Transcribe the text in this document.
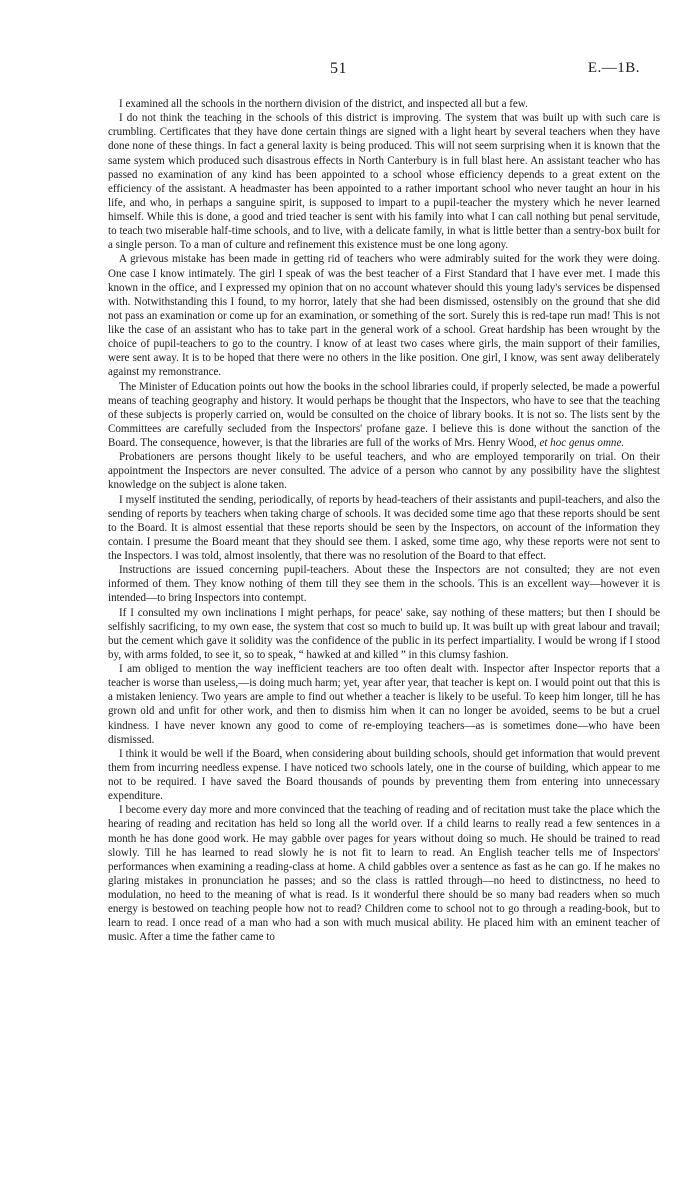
51	E.—1B.

I examined all the schools in the northern division of the district, and inspected all but a few.

I do not think the teaching in the schools of this district is improving. The system that was built up with such care is crumbling. Certificates that they have done certain things are signed with a light heart by several teachers when they have done none of these things. In fact a general laxity is being produced. This will not seem surprising when it is known that the same system which produced such disastrous effects in North Canterbury is in full blast here. An assistant teacher who has passed no examination of any kind has been appointed to a school whose efficiency depends to a great extent on the efficiency of the assistant. A headmaster has been appointed to a rather important school who never taught an hour in his life, and who, in perhaps a sanguine spirit, is supposed to impart to a pupil-teacher the mystery which he never learned himself. While this is done, a good and tried teacher is sent with his family into what I can call nothing but penal servitude, to teach two miserable half-time schools, and to live, with a delicate family, in what is little better than a sentry-box built for a single person. To a man of culture and refinement this existence must be one long agony.

A grievous mistake has been made in getting rid of teachers who were admirably suited for the work they were doing. One case I know intimately. The girl I speak of was the best teacher of a First Standard that I have ever met. I made this known in the office, and I expressed my opinion that on no account whatever should this young lady's services be dispensed with. Notwithstanding this I found, to my horror, lately that she had been dismissed, ostensibly on the ground that she did not pass an examination or come up for an examination, or something of the sort. Surely this is red-tape run mad! This is not like the case of an assistant who has to take part in the general work of a school. Great hardship has been wrought by the choice of pupil-teachers to go to the country. I know of at least two cases where girls, the main support of their families, were sent away. It is to be hoped that there were no others in the like position. One girl, I know, was sent away deliberately against my remonstrance.

The Minister of Education points out how the books in the school libraries could, if properly selected, be made a powerful means of teaching geography and history. It would perhaps be thought that the Inspectors, who have to see that the teaching of these subjects is properly carried on, would be consulted on the choice of library books. It is not so. The lists sent by the Committees are carefully secluded from the Inspectors' profane gaze. I believe this is done without the sanction of the Board. The consequence, however, is that the libraries are full of the works of Mrs. Henry Wood, et hoc genus omne.

Probationers are persons thought likely to be useful teachers, and who are employed temporarily on trial. On their appointment the Inspectors are never consulted. The advice of a person who cannot by any possibility have the slightest knowledge on the subject is alone taken.

I myself instituted the sending, periodically, of reports by head-teachers of their assistants and pupil-teachers, and also the sending of reports by teachers when taking charge of schools. It was decided some time ago that these reports should be sent to the Board. It is almost essential that these reports should be seen by the Inspectors, on account of the information they contain. I presume the Board meant that they should see them. I asked, some time ago, why these reports were not sent to the Inspectors. I was told, almost insolently, that there was no resolution of the Board to that effect.

Instructions are issued concerning pupil-teachers. About these the Inspectors are not consulted; they are not even informed of them. They know nothing of them till they see them in the schools. This is an excellent way—however it is intended—to bring Inspectors into contempt.

If I consulted my own inclinations I might perhaps, for peace' sake, say nothing of these matters; but then I should be selfishly sacrificing, to my own ease, the system that cost so much to build up. It was built up with great labour and travail; but the cement which gave it solidity was the confidence of the public in its perfect impartiality. I would be wrong if I stood by, with arms folded, to see it, so to speak, “ hawked at and killed ” in this clumsy fashion.

I am obliged to mention the way inefficient teachers are too often dealt with. Inspector after Inspector reports that a teacher is worse than useless,—is doing much harm; yet, year after year, that teacher is kept on. I would point out that this is a mistaken leniency. Two years are ample to find out whether a teacher is likely to be useful. To keep him longer, till he has grown old and unfit for other work, and then to dismiss him when it can no longer be avoided, seems to be but a cruel kindness. I have never known any good to come of re-employing teachers—as is sometimes done—who have been dismissed.

I think it would be well if the Board, when considering about building schools, should get information that would prevent them from incurring needless expense. I have noticed two schools lately, one in the course of building, which appear to me not to be required. I have saved the Board thousands of pounds by preventing them from entering into unnecessary expenditure.

I become every day more and more convinced that the teaching of reading and of recitation must take the place which the hearing of reading and recitation has held so long all the world over. If a child learns to really read a few sentences in a month he has done good work. He may gabble over pages for years without doing so much. He should be trained to read slowly. Till he has learned to read slowly he is not fit to learn to read. An English teacher tells me of Inspectors' performances when examining a reading-class at home. A child gabbles over a sentence as fast as he can go. If he makes no glaring mistakes in pronunciation he passes; and so the class is rattled through—no heed to distinctness, no heed to modulation, no heed to the meaning of what is read. Is it wonderful there should be so many bad readers when so much energy is bestowed on teaching people how not to read? Children come to school not to go through a reading-book, but to learn to read. I once read of a man who had a son with much musical ability. He placed him with an eminent teacher of music. After a time the father came to
